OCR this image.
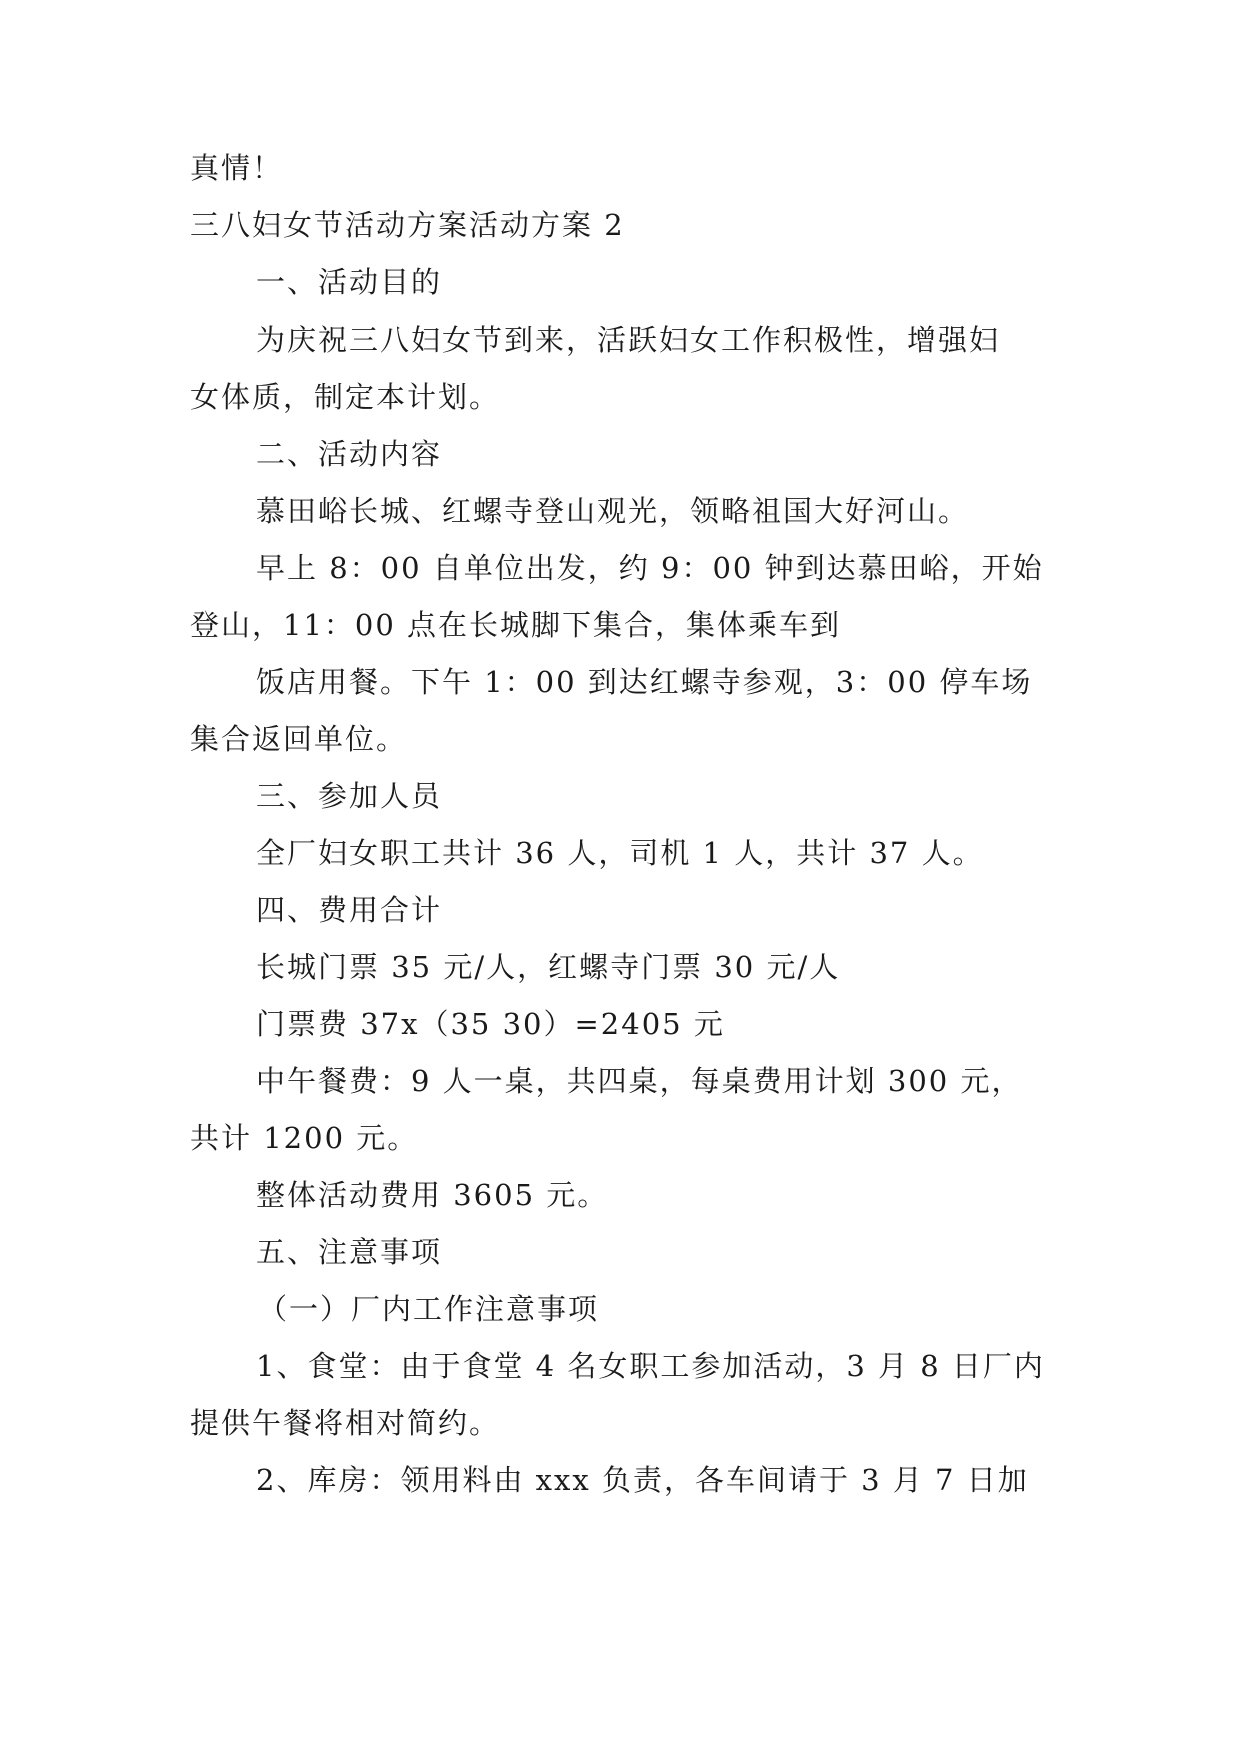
真情！
三八妇女节活动方案活动方案 2
一、活动目的
为庆祝三八妇女节到来，活跃妇女工作积极性，增强妇
女体质，制定本计划。
二、活动内容
慕田峪长城、红螺寺登山观光，领略祖国大好河山。
早上 8：00 自单位出发，约 9：00 钟到达慕田峪，开始
登山，11：00 点在长城脚下集合，集体乘车到
饭店用餐。下午 1：00 到达红螺寺参观，3：00 停车场
集合返回单位。
三、参加人员
全厂妇女职工共计 36 人，司机 1 人，共计 37 人。
四、费用合计
长城门票 35 元/人，红螺寺门票 30 元/人
门票费 37x（35 30）=2405 元
中午餐费：9 人一桌，共四桌，每桌费用计划 300 元，
共计 1200 元。
整体活动费用 3605 元。
五、注意事项
（一）厂内工作注意事项
1、食堂：由于食堂 4 名女职工参加活动，3 月 8 日厂内
提供午餐将相对简约。
2、库房：领用料由 xxx 负责，各车间请于 3 月 7 日加
